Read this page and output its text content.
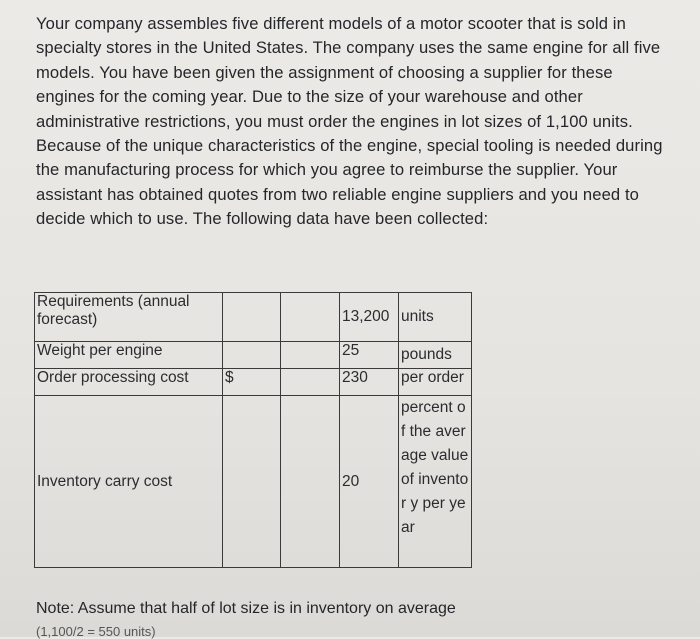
Your company assembles five different models of a motor scooter that is sold in specialty stores in the United States. The company uses the same engine for all five models. You have been given the assignment of choosing a supplier for these engines for the coming year. Due to the size of your warehouse and other administrative restrictions, you must order the engines in lot sizes of 1,100 units. Because of the unique characteristics of the engine, special tooling is needed during the manufacturing process for which you agree to reimburse the supplier. Your assistant has obtained quotes from two reliable engine suppliers and you need to decide which to use. The following data have been collected:

Requirements (annual forecast)			13,200	units
Weight per engine			25	pounds
Order processing cost	$		230	per order
Inventory carry cost			20	percent of the average value of inventor y per year

Note: Assume that half of lot size is in inventory on average

(1,100/2 = 550 units)
